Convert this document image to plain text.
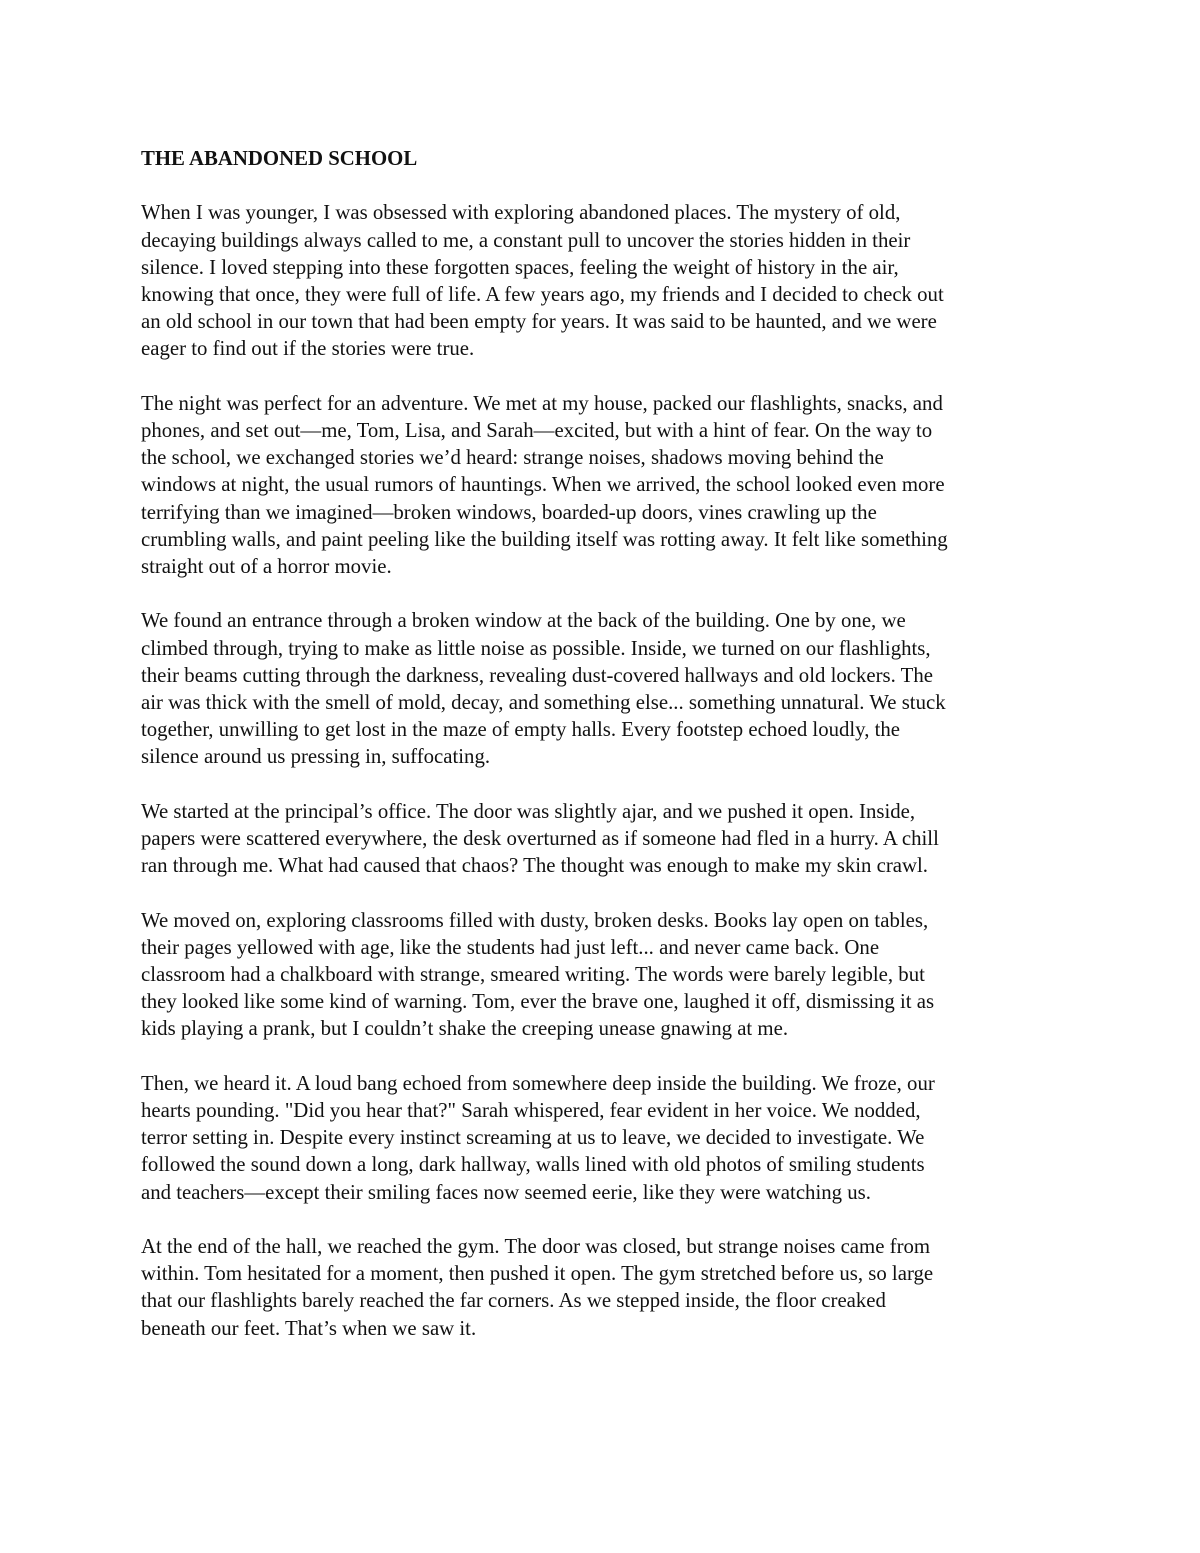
THE ABANDONED SCHOOL

When I was younger, I was obsessed with exploring abandoned places. The mystery of old,
decaying buildings always called to me, a constant pull to uncover the stories hidden in their
silence. I loved stepping into these forgotten spaces, feeling the weight of history in the air,
knowing that once, they were full of life. A few years ago, my friends and I decided to check out
an old school in our town that had been empty for years. It was said to be haunted, and we were
eager to find out if the stories were true.

The night was perfect for an adventure. We met at my house, packed our flashlights, snacks, and
phones, and set out—me, Tom, Lisa, and Sarah—excited, but with a hint of fear. On the way to
the school, we exchanged stories we’d heard: strange noises, shadows moving behind the
windows at night, the usual rumors of hauntings. When we arrived, the school looked even more
terrifying than we imagined—broken windows, boarded-up doors, vines crawling up the
crumbling walls, and paint peeling like the building itself was rotting away. It felt like something
straight out of a horror movie.

We found an entrance through a broken window at the back of the building. One by one, we
climbed through, trying to make as little noise as possible. Inside, we turned on our flashlights,
their beams cutting through the darkness, revealing dust-covered hallways and old lockers. The
air was thick with the smell of mold, decay, and something else... something unnatural. We stuck
together, unwilling to get lost in the maze of empty halls. Every footstep echoed loudly, the
silence around us pressing in, suffocating.

We started at the principal’s office. The door was slightly ajar, and we pushed it open. Inside,
papers were scattered everywhere, the desk overturned as if someone had fled in a hurry. A chill
ran through me. What had caused that chaos? The thought was enough to make my skin crawl.

We moved on, exploring classrooms filled with dusty, broken desks. Books lay open on tables,
their pages yellowed with age, like the students had just left... and never came back. One
classroom had a chalkboard with strange, smeared writing. The words were barely legible, but
they looked like some kind of warning. Tom, ever the brave one, laughed it off, dismissing it as
kids playing a prank, but I couldn’t shake the creeping unease gnawing at me.

Then, we heard it. A loud bang echoed from somewhere deep inside the building. We froze, our
hearts pounding. "Did you hear that?" Sarah whispered, fear evident in her voice. We nodded,
terror setting in. Despite every instinct screaming at us to leave, we decided to investigate. We
followed the sound down a long, dark hallway, walls lined with old photos of smiling students
and teachers—except their smiling faces now seemed eerie, like they were watching us.

At the end of the hall, we reached the gym. The door was closed, but strange noises came from
within. Tom hesitated for a moment, then pushed it open. The gym stretched before us, so large
that our flashlights barely reached the far corners. As we stepped inside, the floor creaked
beneath our feet. That’s when we saw it.
